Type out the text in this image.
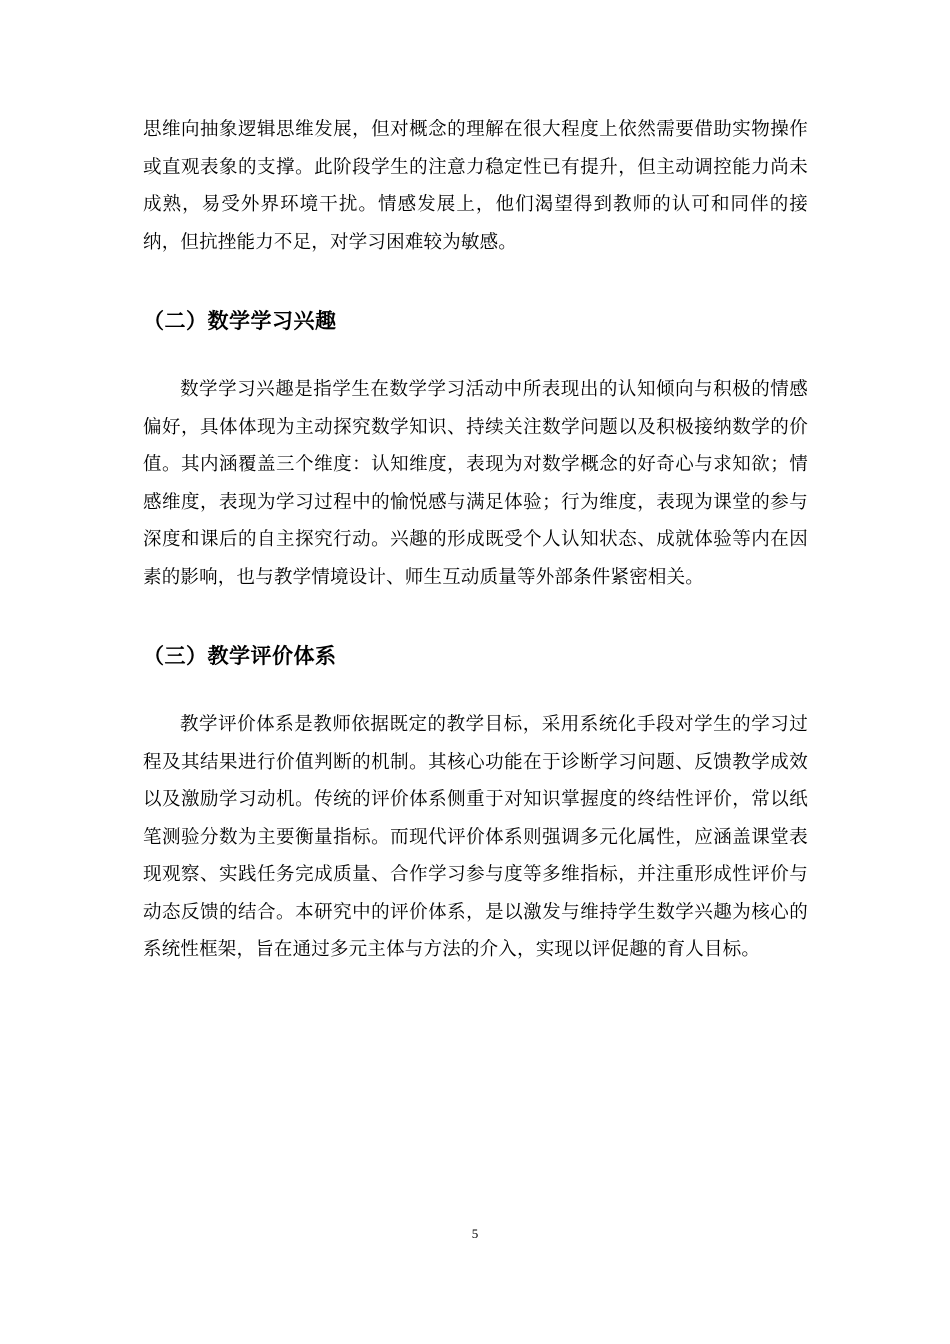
思维向抽象逻辑思维发展，但对概念的理解在很大程度上依然需要借助实物操作或直观表象的支撑。此阶段学生的注意力稳定性已有提升，但主动调控能力尚未成熟，易受外界环境干扰。情感发展上，他们渴望得到教师的认可和同伴的接纳，但抗挫能力不足，对学习困难较为敏感。

（二）数学学习兴趣

数学学习兴趣是指学生在数学学习活动中所表现出的认知倾向与积极的情感偏好，具体体现为主动探究数学知识、持续关注数学问题以及积极接纳数学的价值。其内涵覆盖三个维度：认知维度，表现为对数学概念的好奇心与求知欲；情感维度，表现为学习过程中的愉悦感与满足体验；行为维度，表现为课堂的参与深度和课后的自主探究行动。兴趣的形成既受个人认知状态、成就体验等内在因素的影响，也与教学情境设计、师生互动质量等外部条件紧密相关。

（三）教学评价体系

教学评价体系是教师依据既定的教学目标，采用系统化手段对学生的学习过程及其结果进行价值判断的机制。其核心功能在于诊断学习问题、反馈教学成效以及激励学习动机。传统的评价体系侧重于对知识掌握度的终结性评价，常以纸笔测验分数为主要衡量指标。而现代评价体系则强调多元化属性，应涵盖课堂表现观察、实践任务完成质量、合作学习参与度等多维指标，并注重形成性评价与动态反馈的结合。本研究中的评价体系，是以激发与维持学生数学兴趣为核心的系统性框架，旨在通过多元主体与方法的介入，实现以评促趣的育人目标。

5
